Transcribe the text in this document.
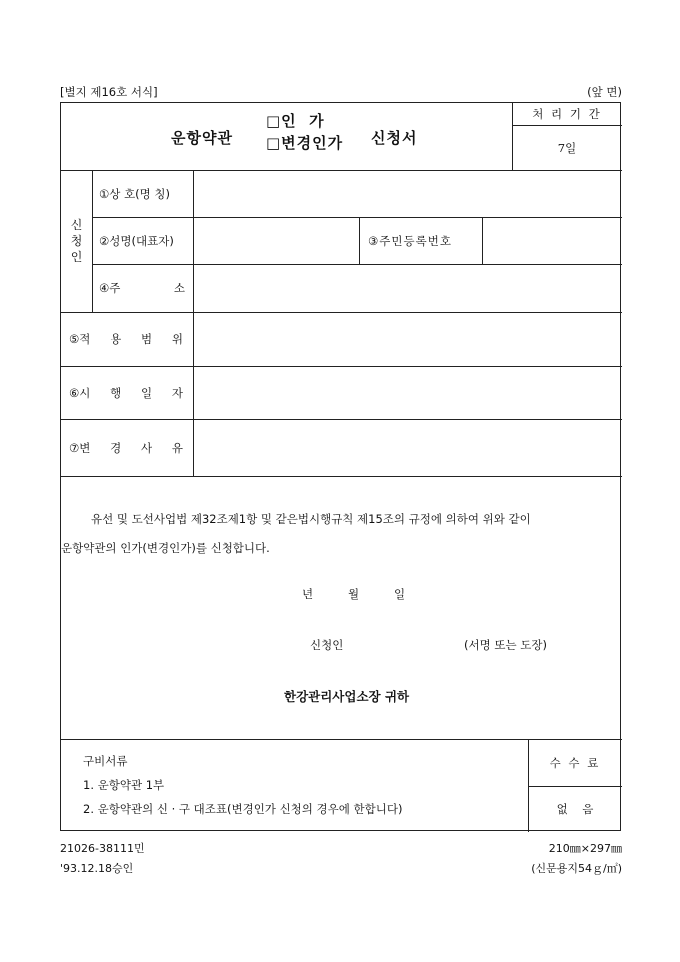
[별지 제16호 서식]	(앞 면)
운항약관
□인  가
□변경인가 신청서
처 리 기 간
7일
신
청
인
①상 호(명 칭)
②성명(대표자)	③주민등록번호
④주	소
⑤적 용 범 위
⑥시 행 일 자
⑦변 경 사 유
유선 및 도선사업법 제32조제1항 및 같은법시행규칙 제15조의 규정에 의하여 위와 같이
운항약관의 인가(변경인가)를 신청합니다.
년	월	일
신청인	(서명 또는 도장)
한강관리사업소장 귀하
구비서류
1. 운항약관 1부
2. 운항약관의 신 · 구 대조표(변경인가 신청의 경우에 한합니다)
수 수 료
없    음
21026-38111민
'93.12.18승인
210㎜×297㎜
(신문용지54ｇ/㎡)
